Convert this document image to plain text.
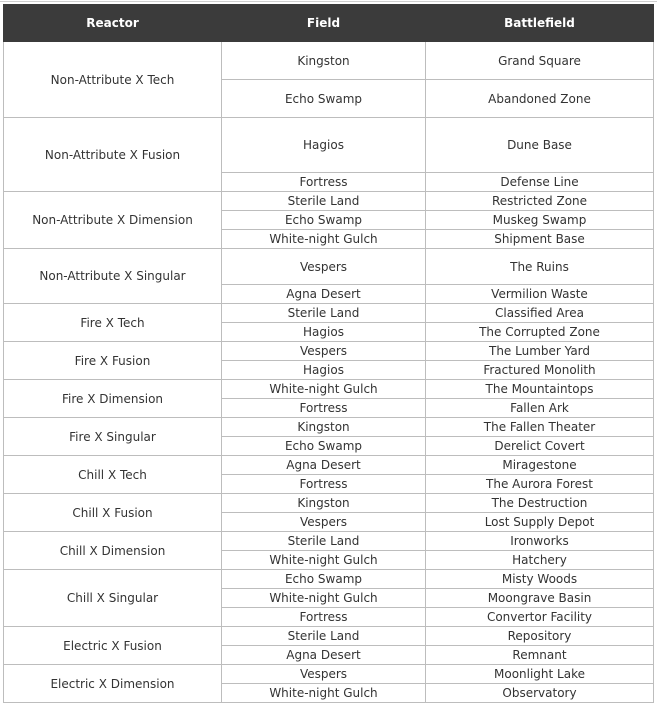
Reactor	Field	Battlefield
Non-Attribute X Tech	Kingston	Grand Square
	Echo Swamp	Abandoned Zone
Non-Attribute X Fusion	Hagios	Dune Base
	Fortress	Defense Line
Non-Attribute X Dimension	Sterile Land	Restricted Zone
	Echo Swamp	Muskeg Swamp
	White-night Gulch	Shipment Base
Non-Attribute X Singular	Vespers	The Ruins
	Agna Desert	Vermilion Waste
Fire X Tech	Sterile Land	Classified Area
	Hagios	The Corrupted Zone
Fire X Fusion	Vespers	The Lumber Yard
	Hagios	Fractured Monolith
Fire X Dimension	White-night Gulch	The Mountaintops
	Fortress	Fallen Ark
Fire X Singular	Kingston	The Fallen Theater
	Echo Swamp	Derelict Covert
Chill X Tech	Agna Desert	Miragestone
	Fortress	The Aurora Forest
Chill X Fusion	Kingston	The Destruction
	Vespers	Lost Supply Depot
Chill X Dimension	Sterile Land	Ironworks
	White-night Gulch	Hatchery
Chill X Singular	Echo Swamp	Misty Woods
	White-night Gulch	Moongrave Basin
	Fortress	Convertor Facility
Electric X Fusion	Sterile Land	Repository
	Agna Desert	Remnant
Electric X Dimension	Vespers	Moonlight Lake
	White-night Gulch	Observatory
